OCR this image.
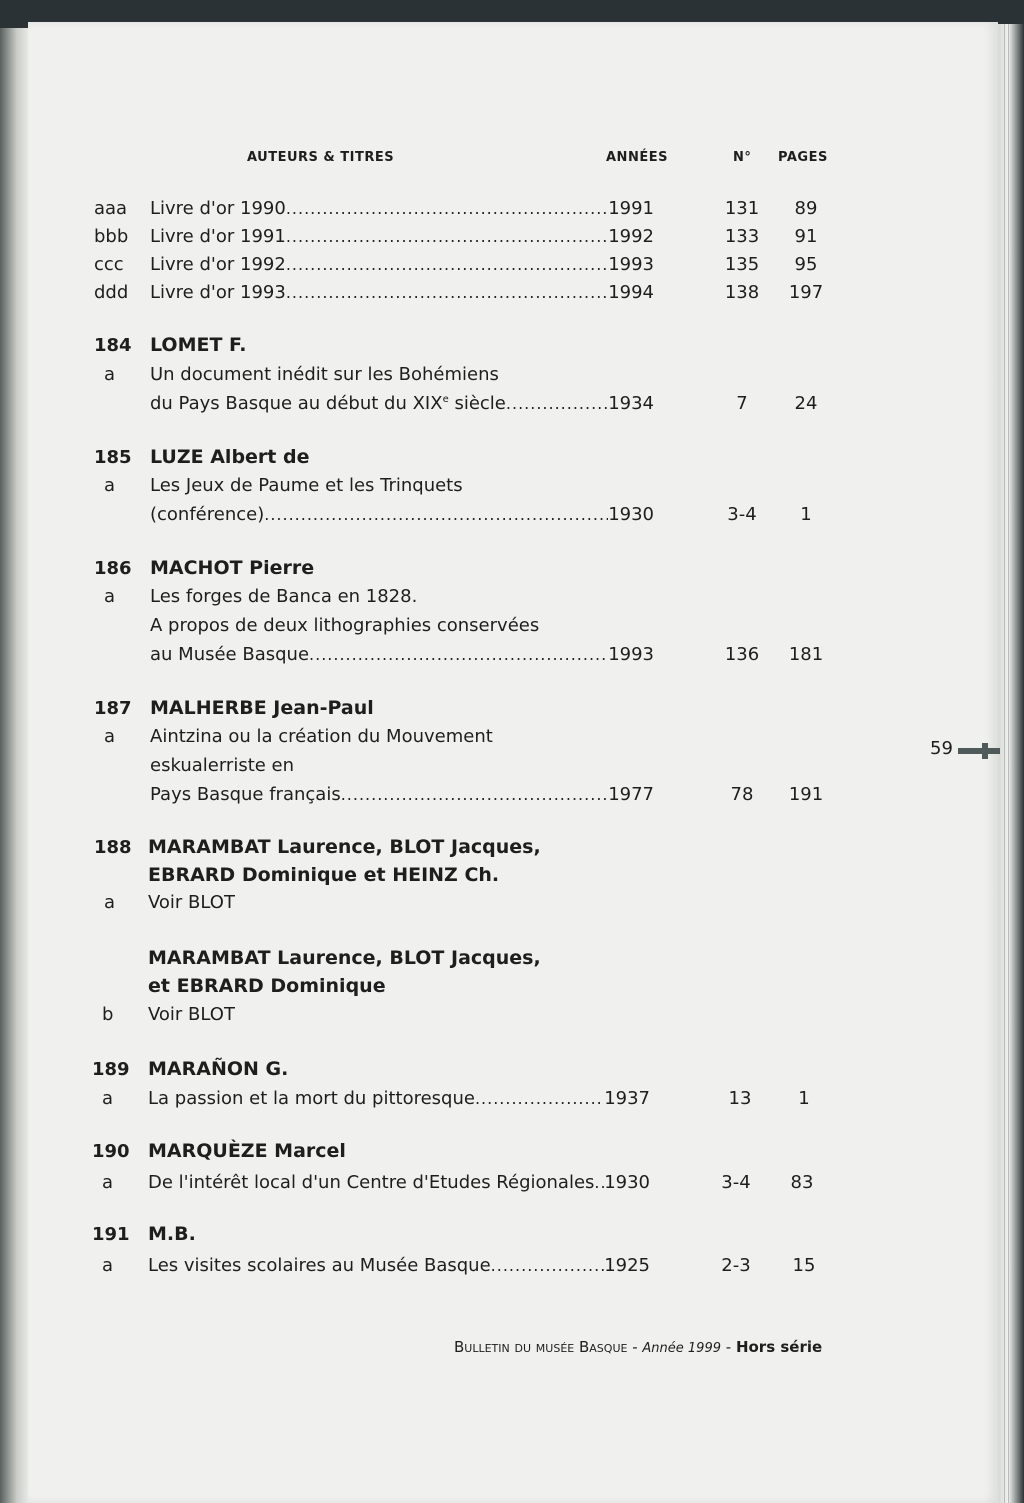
AUTEURS & TITRES	ANNÉES	N° PAGES
aaa Livre d'or 1990 .....	1991	131	89
bbb Livre d'or 1991 .....	1992	133	91
ccc Livre d'or 1992 .....	1993	135	95
ddd Livre d'or 1993 .....	1994	138 197
184 LOMET F.
a Un document inédit sur les Bohémiens
du Pays Basque au début du XIXe siècle .....	1934	7	24
185 LUZE Albert de
a Les Jeux de Paume et les Trinquets
(conférence) .....	1930	3-4	1
186 MACHOT Pierre
a Les forges de Banca en 1828.
A propos de deux lithographies conservées
au Musée Basque .....	1993	136 181
187 MALHERBE Jean-Paul
a Aintzina ou la création du Mouvement
eskualerriste en
Pays Basque français .....	1977	78	191
188 MARAMBAT Laurence, BLOT Jacques,
EBRARD Dominique et HEINZ Ch.
a Voir BLOT
MARAMBAT Laurence, BLOT Jacques,
et EBRARD Dominique
b Voir BLOT
189 MARAÑON G.
a La passion et la mort du pittoresque .....	1937	13	1
190 MARQUÈZE Marcel
a De l'intérêt local d'un Centre d'Etudes Régionales ..... 1930	3-4	83
191 M.B.
a Les visites scolaires au Musée Basque .....	1925	2-3	15
59
Bulletin du musée Basque - Année 1999 - Hors série
